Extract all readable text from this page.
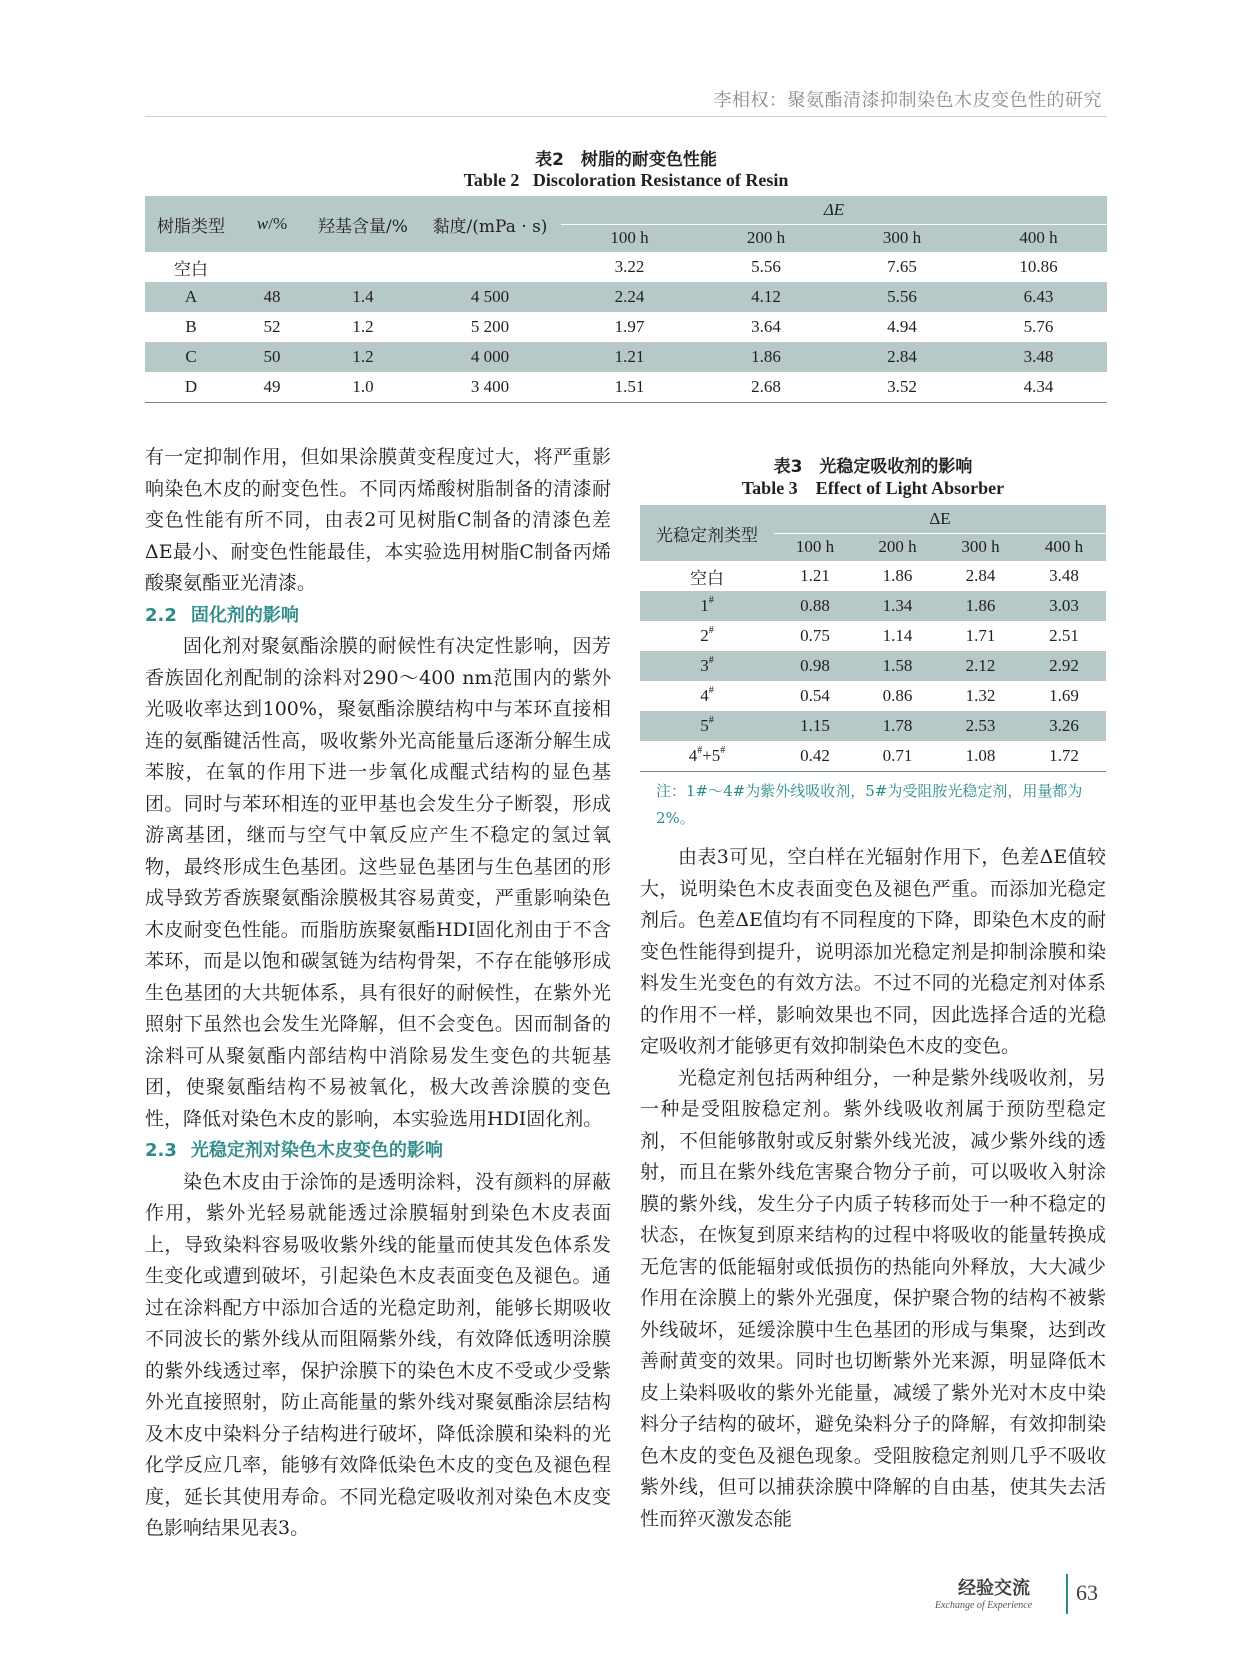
李相权：聚氨酯清漆抑制染色木皮变色性的研究
表2　树脂的耐变色性能
Table 2   Discoloration Resistance of Resin
树脂类型	w/%	羟基含量/%	黏度/(mPa · s)	ΔE			
				100 h	200 h	300 h	400 h
空白				3.22	5.56	7.65	10.86
A	48	1.4	4 500	2.24	4.12	5.56	6.43
B	52	1.2	5 200	1.97	3.64	4.94	5.76
C	50	1.2	4 000	1.21	1.86	2.84	3.48
D	49	1.0	3 400	1.51	2.68	3.52	4.34

有一定抑制作用，但如果涂膜黄变程度过大，将严重影响染色木皮的耐变色性。不同丙烯酸树脂制备的清漆耐变色性能有所不同，由表2可见树脂C制备的清漆色差ΔE最小、耐变色性能最佳，本实验选用树脂C制备丙烯酸聚氨酯亚光清漆。

2.2 固化剂的影响

固化剂对聚氨酯涂膜的耐候性有决定性影响，因芳香族固化剂配制的涂料对290～400 nm范围内的紫外光吸收率达到100%，聚氨酯涂膜结构中与苯环直接相连的氨酯键活性高，吸收紫外光高能量后逐渐分解生成苯胺，在氧的作用下进一步氧化成醌式结构的显色基团。同时与苯环相连的亚甲基也会发生分子断裂，形成游离基团，继而与空气中氧反应产生不稳定的氢过氧物，最终形成生色基团。这些显色基团与生色基团的形成导致芳香族聚氨酯涂膜极其容易黄变，严重影响染色木皮耐变色性能。而脂肪族聚氨酯HDI固化剂由于不含苯环，而是以饱和碳氢链为结构骨架，不存在能够形成生色基团的大共轭体系，具有很好的耐候性，在紫外光照射下虽然也会发生光降解，但不会变色。因而制备的涂料可从聚氨酯内部结构中消除易发生变色的共轭基团，使聚氨酯结构不易被氧化，极大改善涂膜的变色性，降低对染色木皮的影响，本实验选用HDI固化剂。

2.3 光稳定剂对染色木皮变色的影响

染色木皮由于涂饰的是透明涂料，没有颜料的屏蔽作用，紫外光轻易就能透过涂膜辐射到染色木皮表面上，导致染料容易吸收紫外线的能量而使其发色体系发生变化或遭到破坏，引起染色木皮表面变色及褪色。通过在涂料配方中添加合适的光稳定助剂，能够长期吸收不同波长的紫外线从而阻隔紫外线，有效降低透明涂膜的紫外线透过率，保护涂膜下的染色木皮不受或少受紫外光直接照射，防止高能量的紫外线对聚氨酯涂层结构及木皮中染料分子结构进行破坏，降低涂膜和染料的光化学反应几率，能够有效降低染色木皮的变色及褪色程度，延长其使用寿命。不同光稳定吸收剂对染色木皮变色影响结果见表3。

表3　光稳定吸收剂的影响
Table 3    Effect of Light Absorber
光稳定剂类型	ΔE			
	100 h	200 h	300 h	400 h
空白	1.21	1.86	2.84	3.48
1#	0.88	1.34	1.86	3.03
2#	0.75	1.14	1.71	2.51
3#	0.98	1.58	2.12	2.92
4#	0.54	0.86	1.32	1.69
5#	1.15	1.78	2.53	3.26
4#+5#	0.42	0.71	1.08	1.72
注：1#～4#为紫外线吸收剂，5#为受阻胺光稳定剂，用量都为2%。

由表3可见，空白样在光辐射作用下，色差ΔE值较大，说明染色木皮表面变色及褪色严重。而添加光稳定剂后。色差ΔE值均有不同程度的下降，即染色木皮的耐变色性能得到提升，说明添加光稳定剂是抑制涂膜和染料发生光变色的有效方法。不过不同的光稳定剂对体系的作用不一样，影响效果也不同，因此选择合适的光稳定吸收剂才能够更有效抑制染色木皮的变色。

光稳定剂包括两种组分，一种是紫外线吸收剂，另一种是受阻胺稳定剂。紫外线吸收剂属于预防型稳定剂，不但能够散射或反射紫外线光波，减少紫外线的透射，而且在紫外线危害聚合物分子前，可以吸收入射涂膜的紫外线，发生分子内质子转移而处于一种不稳定的状态，在恢复到原来结构的过程中将吸收的能量转换成无危害的低能辐射或低损伤的热能向外释放，大大减少作用在涂膜上的紫外光强度，保护聚合物的结构不被紫外线破坏，延缓涂膜中生色基团的形成与集聚，达到改善耐黄变的效果。同时也切断紫外光来源，明显降低木皮上染料吸收的紫外光能量，减缓了紫外光对木皮中染料分子结构的破坏，避免染料分子的降解，有效抑制染色木皮的变色及褪色现象。受阻胺稳定剂则几乎不吸收紫外线，但可以捕获涂膜中降解的自由基，使其失去活性而猝灭激发态能

经验交流
Exchange of Experience
63
